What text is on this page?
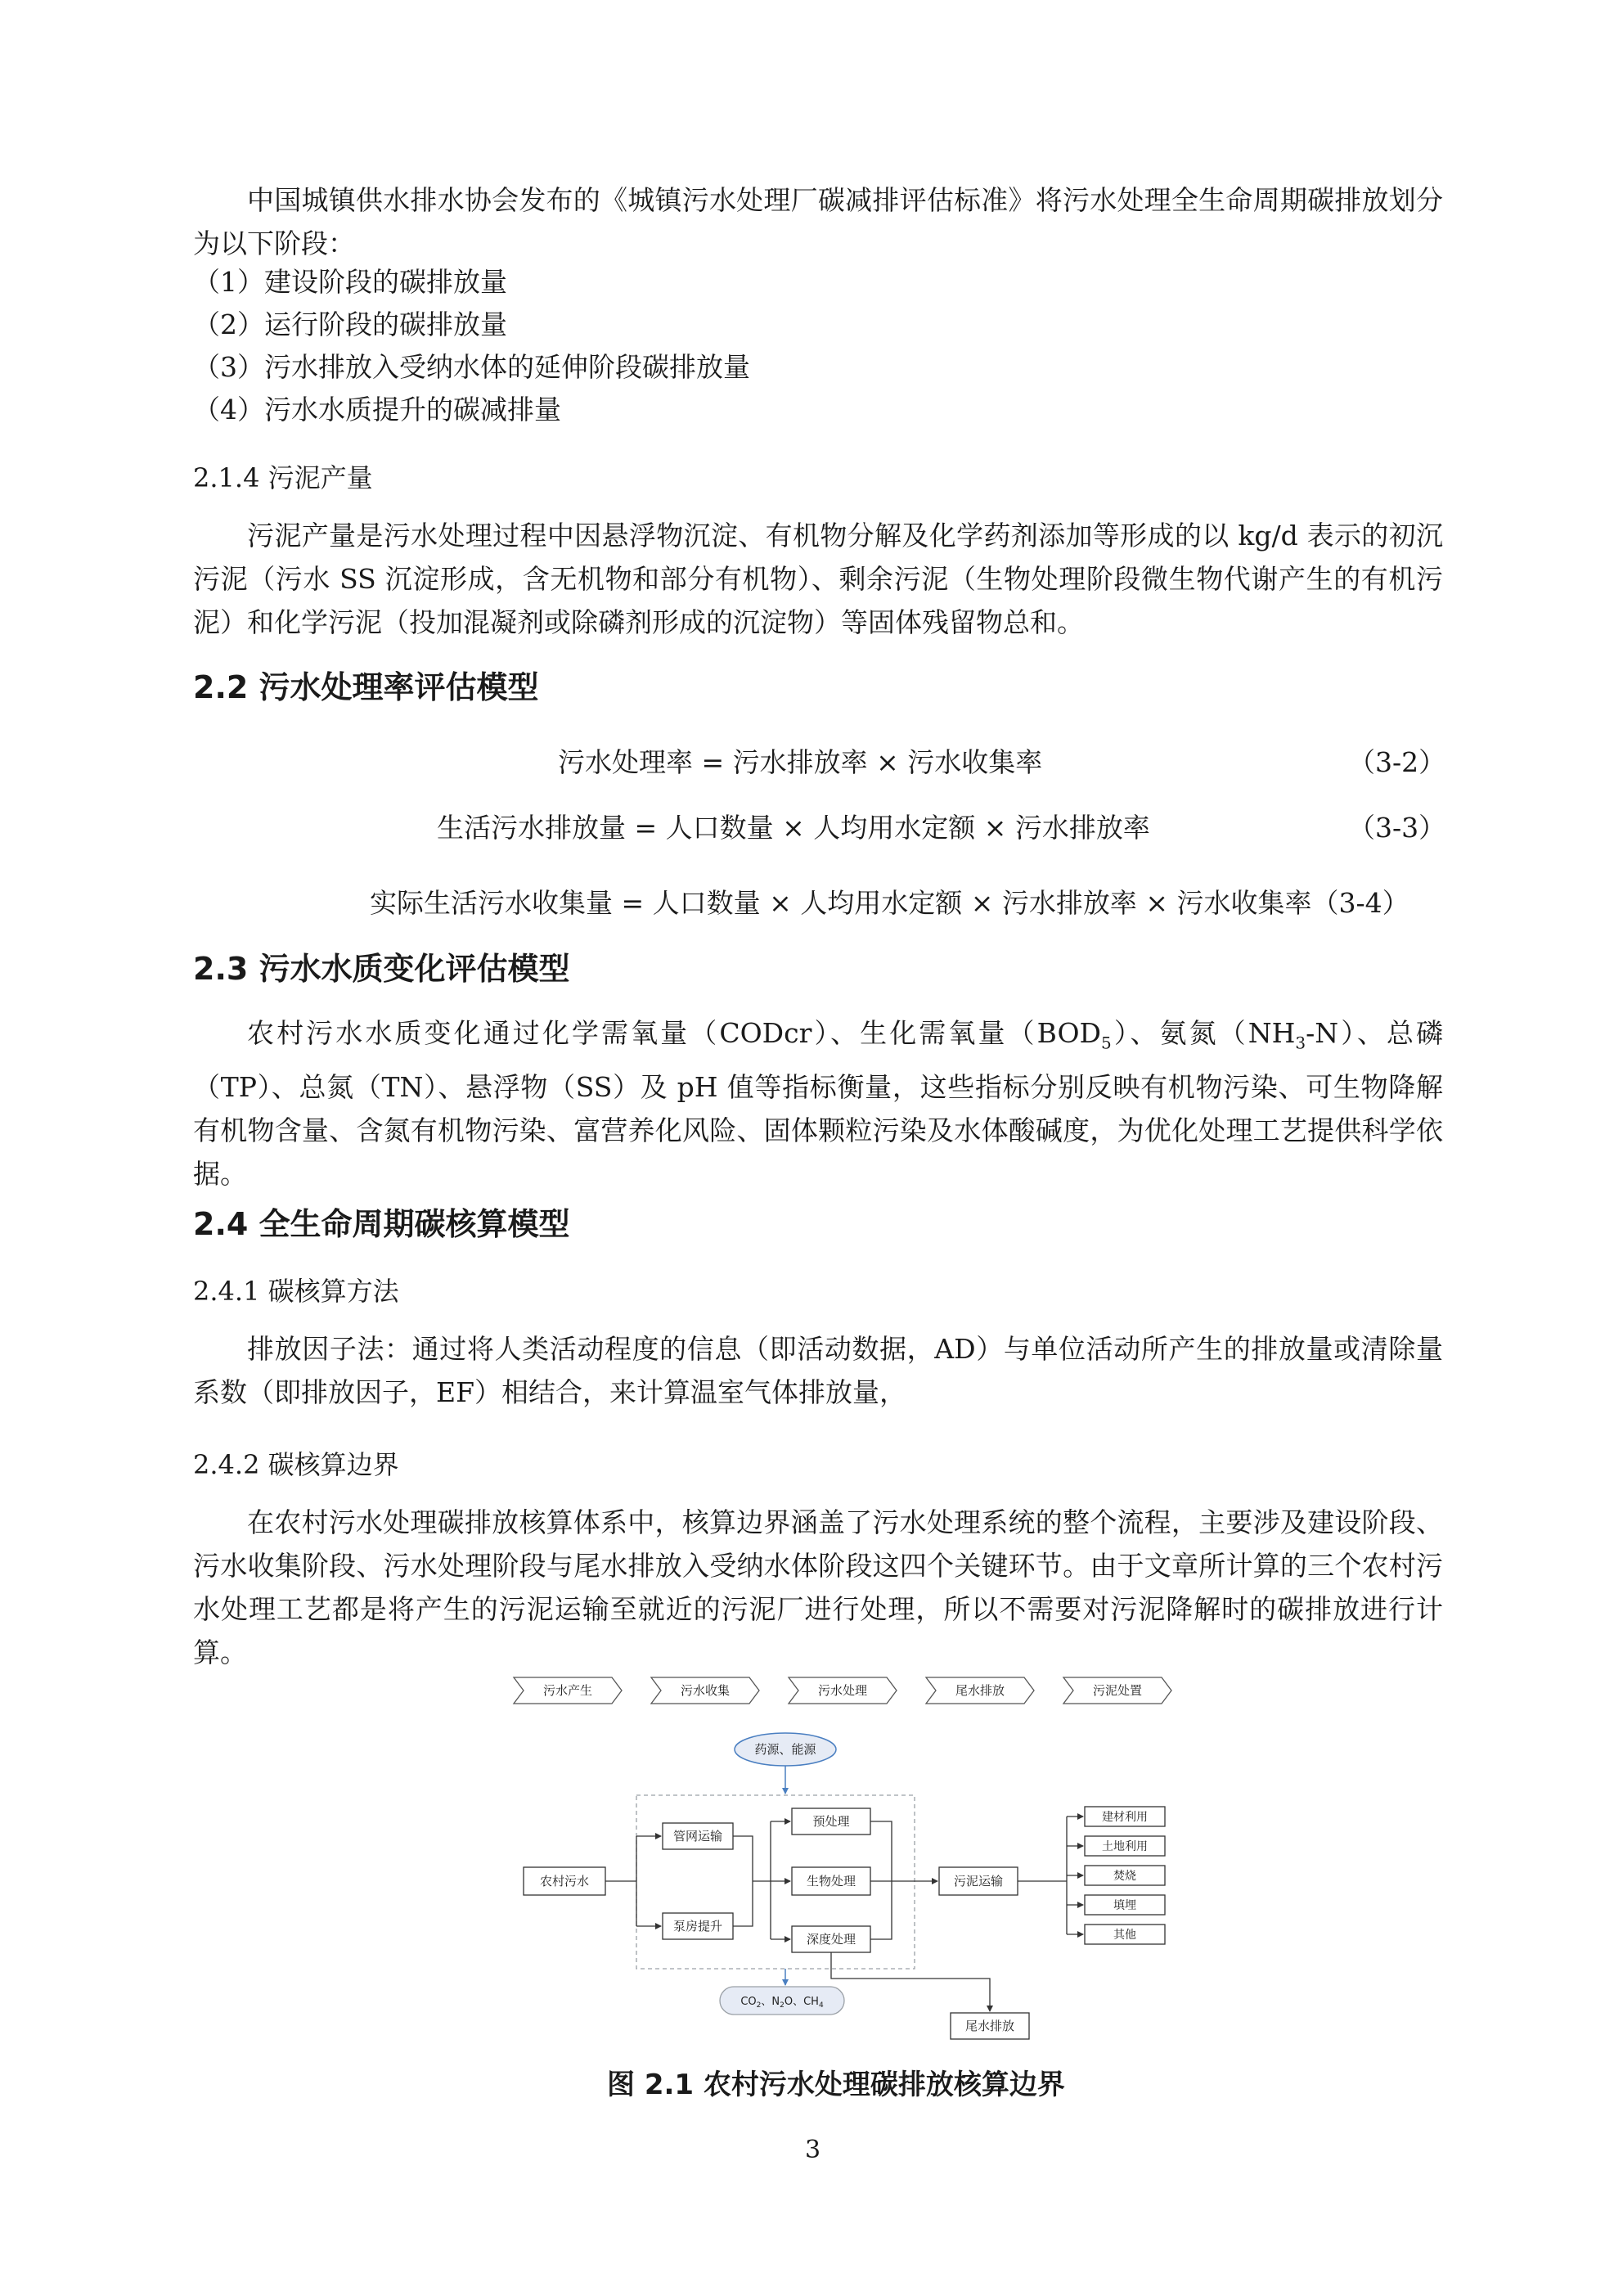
中国城镇供水排水协会发布的《城镇污水处理厂碳减排评估标准》将污水处理全生命周期碳排放划分为以下阶段：

（1）建设阶段的碳排放量

（2）运行阶段的碳排放量

（3）污水排放入受纳水体的延伸阶段碳排放量

（4）污水水质提升的碳减排量

2.1.4 污泥产量

污泥产量是污水处理过程中因悬浮物沉淀、有机物分解及化学药剂添加等形成的以 kg/d 表示的初沉污泥（污水 SS 沉淀形成，含无机物和部分有机物）、剩余污泥（生物处理阶段微生物代谢产生的有机污泥）和化学污泥（投加混凝剂或除磷剂形成的沉淀物）等固体残留物总和。

2.2 污水处理率评估模型

污水处理率 = 污水排放率 × 污水收集率	（3-2）

生活污水排放量 = 人口数量 × 人均用水定额 × 污水排放率	（3-3）

实际生活污水收集量 = 人口数量 × 人均用水定额 × 污水排放率 × 污水收集率（3-4）

2.3 污水水质变化评估模型

农村污水水质变化通过化学需氧量（CODcr）、生化需氧量$(BOD_5)$、氨氮$(NH_3-N)$、总磷（TP）、总氮（TN）、悬浮物（SS）及 pH 值等指标衡量，这些指标分别反映有机物污染、可生物降解有机物含量、含氮有机物污染、富营养化风险、固体颗粒污染及水体酸碱度，为优化处理工艺提供科学依据。

2.4 全生命周期碳核算模型

2.4.1 碳核算方法

排放因子法：通过将人类活动程度的信息（即活动数据，AD）与单位活动所产生的排放量或清除量系数（即排放因子，EF）相结合，来计算温室气体排放量，

2.4.2 碳核算边界

在农村污水处理碳排放核算体系中，核算边界涵盖了污水处理系统的整个流程，主要涉及建设阶段、污水收集阶段、污水处理阶段与尾水排放入受纳水体阶段这四个关键环节。由于文章所计算的三个农村污水处理工艺都是将产生的污泥运输至就近的污泥厂进行处理，所以不需要对污泥降解时的碳排放进行计算。

污水产生	污水收集	污水处理	尾水排放	污泥处置
药源、能源
农村污水
管网运输
泵房提升
预处理
生物处理
深度处理
污泥运输
建材利用
土地利用
焚烧
填埋
其他
$CO_2$、$N_2O$、$CH_4$
尾水排放

图 2.1 农村污水处理碳排放核算边界

3
